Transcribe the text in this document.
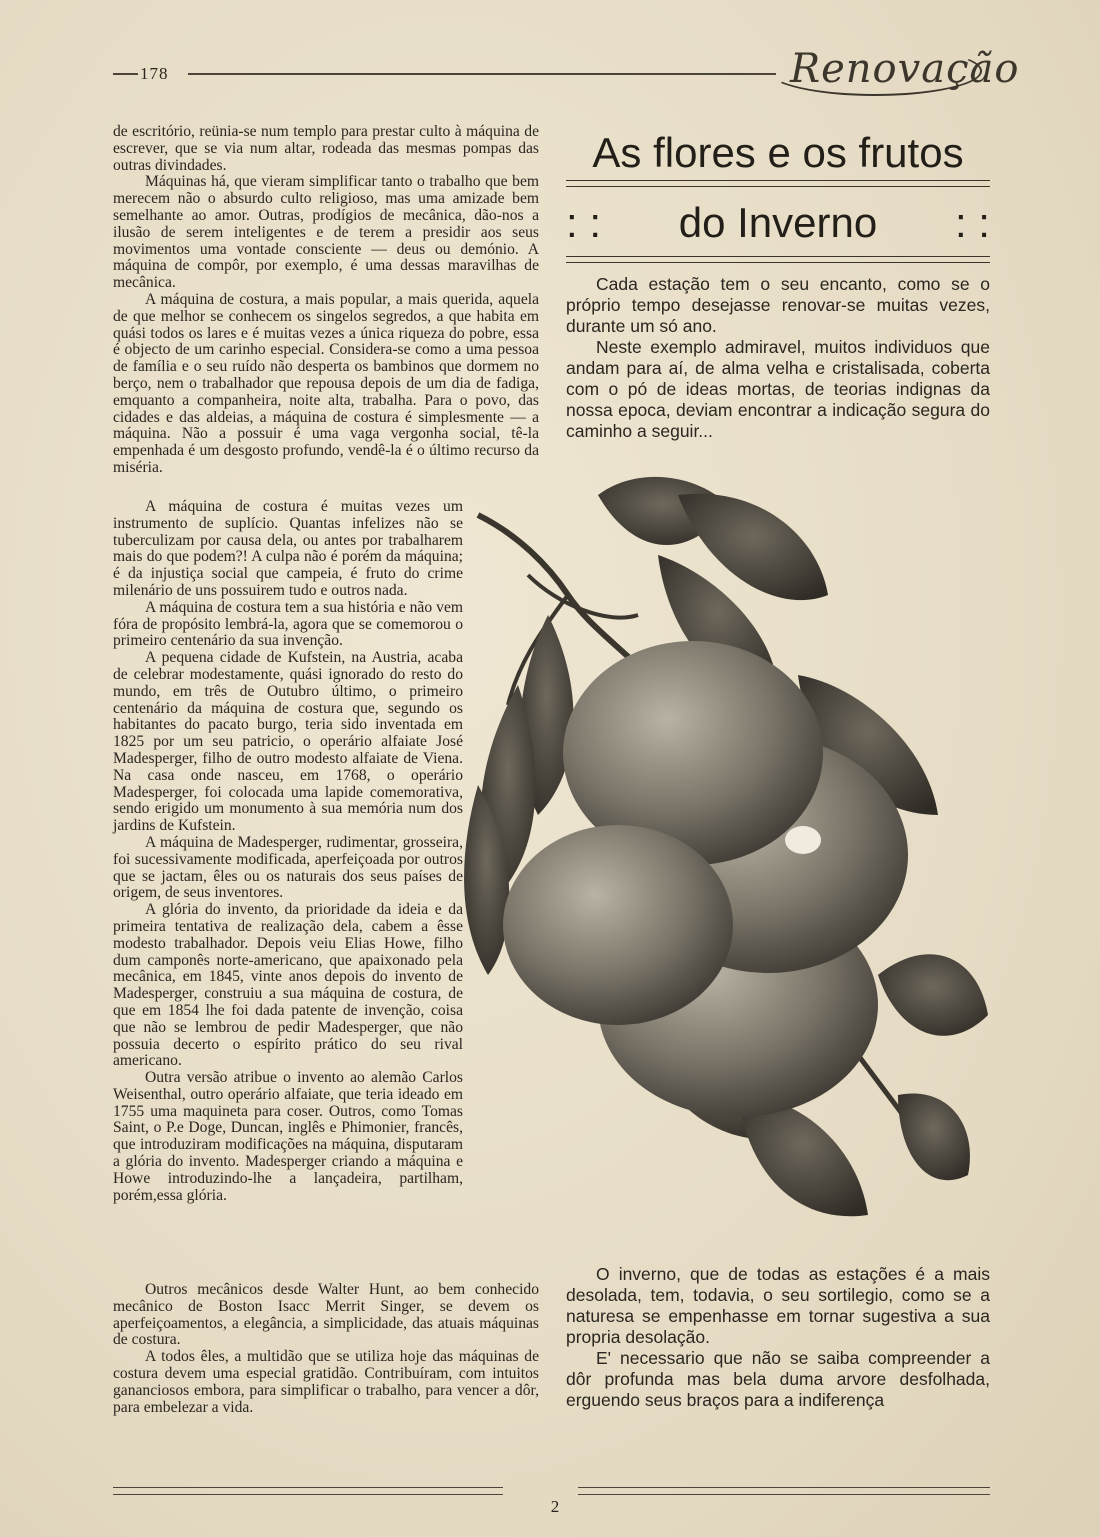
178	Renovação

de escritório, reünia-se num templo para prestar culto à máquina de escrever, que se via num altar, rodeada das mesmas pompas das outras divindades.

Máquinas há, que vieram simplificar tanto o trabalho que bem merecem não o absurdo culto religioso, mas uma amizade bem semelhante ao amor. Outras, prodígios de mecânica, dão-nos a ilusão de serem inteligentes e de terem a presidir aos seus movimentos uma vontade consciente — deus ou demónio. A máquina de compôr, por exemplo, é uma dessas maravilhas de mecânica.

A máquina de costura, a mais popular, a mais querida, aquela de que melhor se conhecem os singelos segredos, a que habita em quási todos os lares e é muitas vezes a única riqueza do pobre, essa é objecto de um carinho especial. Considera-se como a uma pessoa de família e o seu ruído não desperta os bambinos que dormem no berço, nem o trabalhador que repousa depois de um dia de fadiga, emquanto a companheira, noite alta, trabalha. Para o povo, das cidades e das aldeias, a máquina de costura é simplesmente — a máquina. Não a possuir é uma vaga vergonha social, tê-la empenhada é um desgosto profundo, vendê-la é o último recurso da miséria.

A máquina de costura é muitas vezes um instrumento de suplício. Quantas infelizes não se tuberculizam por causa dela, ou antes por trabalharem mais do que podem?! A culpa não é porém da máquina; é da injustiça social que campeia, é fruto do crime milenário de uns possuirem tudo e outros nada.

A máquina de costura tem a sua história e não vem fóra de propósito lembrá-la, agora que se comemorou o primeiro centenário da sua invenção.

A pequena cidade de Kufstein, na Austria, acaba de celebrar modestamente, quási ignorado do resto do mundo, em três de Outubro último, o primeiro centenário da máquina de costura que, segundo os habitantes do pacato burgo, teria sido inventada em 1825 por um seu patricio, o operário alfaiate José Madesperger, filho de outro modesto alfaiate de Viena. Na casa onde nasceu, em 1768, o operário Madesperger, foi colocada uma lapide comemorativa, sendo erigido um monumento à sua memória num dos jardins de Kufstein.

A máquina de Madesperger, rudimentar, grosseira, foi sucessivamente modificada, aperfeiçoada por outros que se jactam, êles ou os naturais dos seus países de origem, de seus inventores.

A glória do invento, da prioridade da ideia e da primeira tentativa de realização dela, cabem a êsse modesto trabalhador. Depois veiu Elias Howe, filho dum camponês norte-americano, que apaixonado pela mecânica, em 1845, vinte anos depois do invento de Madesperger, construiu a sua máquina de costura, de que em 1854 lhe foi dada patente de invenção, coisa que não se lembrou de pedir Madesperger, que não possuia decerto o espírito prático do seu rival americano.

Outra versão atribue o invento ao alemão Carlos Weisenthal, outro operário alfaiate, que teria ideado em 1755 uma maquineta para coser. Outros, como Tomas Saint, o P.e Doge, Duncan, inglês e Phimonier, francês, que introduziram modificações na máquina, disputaram a glória do invento. Madesperger criando a máquina e Howe introduzindo-lhe a lançadeira, partilham, porém,essa glória.

Outros mecânicos desde Walter Hunt, ao bem conhecido mecânico de Boston Isacc Merrit Singer, se devem os aperfeiçoamentos, a elegância, a simplicidade, das atuais máquinas de costura.

A todos êles, a multidão que se utiliza hoje das máquinas de costura devem uma especial gratidão. Contribuíram, com intuitos gananciosos embora, para simplificar o trabalho, para vencer a dôr, para embelezar a vida.

As flores e os frutos
: : do Inverno : :

Cada estação tem o seu encanto, como se o próprio tempo desejasse renovar-se muitas vezes, durante um só ano.

Neste exemplo admiravel, muitos individuos que andam para aí, de alma velha e cristalisada, coberta com o pó de ideas mortas, de teorias indignas da nossa epoca, deviam encontrar a indicação segura do caminho a seguir...

O inverno, que de todas as estações é a mais desolada, tem, todavia, o seu sortilegio, como se a naturesa se empenhasse em tornar sugestiva a sua propria desolação.

E' necessario que não se saiba compreender a dôr profunda mas bela duma arvore desfolhada, erguendo seus braços para a indiferença

2
